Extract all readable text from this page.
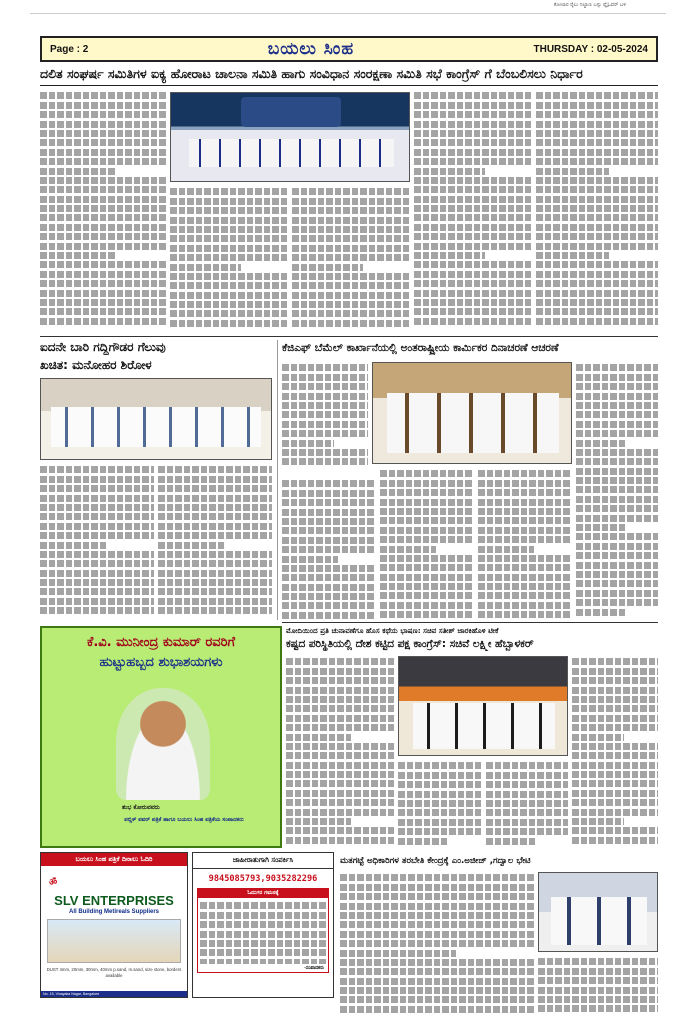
ಕೋಲಾರ ರೈಲು ನಿಲ್ದಾಣ ಬಸ್ಸು ಫ್ಲೈಓವರ್ ಬಳಿ
Page : 2	ಬಯಲು ಸಿಂಹ	THURSDAY : 02-05-2024
ದಲಿತ ಸಂಘರ್ಷ ಸಮಿತಿಗಳ ಐಕ್ಯ ಹೋರಾಟ ಚಾಲನಾ ಸಮಿತಿ ಹಾಗು ಸಂವಿಧಾನ ಸಂರಕ್ಷಣಾ ಸಮಿತಿ ಸಭೆ ಕಾಂಗ್ರೆಸ್ ಗೆ ಬೆಂಬಲಿಸಲು ನಿರ್ಧಾರ
ಐದನೇ ಬಾರಿ ಗದ್ದಿಗೌಡರ ಗೆಲುವು
ಖಚಿತ: ಮನೋಹರ ಶಿರೋಳ
ಕೆಜಿಎಫ್ ಬೆಮೆಲ್ ಕಾರ್ಖಾನೆಯಲ್ಲಿ ಅಂತರಾಷ್ಟ್ರೀಯ ಕಾರ್ಮಿಕರ ದಿನಾಚರಣೆ ಆಚರಣೆ
ಕೆ.ವಿ. ಮುನೀಂದ್ರ ಕುಮಾರ್ ರವರಿಗೆ
ಹುಟ್ಟುಹಬ್ಬದ ಶುಭಾಶಯಗಳು
ಶುಭ ಕೋರುವವರು
ಪಬ್ಲಿಕ್ ಪವರ್ ಪತ್ರಿಕೆ ಹಾಗೂ ಬಯಲು ಸಿಂಹ ಪತ್ರಿಕೆಯ ಸಂಪಾದಕರು
ಮೋದಿಯಿಂದ ಪ್ರತಿ ಚುನಾವಣೆಗೂ ಹೊಸ ಕಥೆಯ ಭಾಷಣ: ಸಚಿವ ಸತೀಶ್ ಜಾರಕಿಹೊಳಿ ಟೀಕೆ
ಕಷ್ಟದ ಪರಿಸ್ಥಿತಿಯಲ್ಲಿ ದೇಶ ಕಟ್ಟಿದ ಪಕ್ಷ ಕಾಂಗ್ರೆಸ್: ಸಚಿವೆ ಲಕ್ಷ್ಮೀ ಹೆಬ್ಬಾಳಕರ್
ಬಯಲು ಸಿಂಹ ಪತ್ರಿಕೆ ದಿನಾಲು ಓದಿರಿ
ॐ
SLV ENTERPRISES
All Building Metireals Suppliers
DUST 4mm, 20mm, 30mm, 40mm p.sand, m.sand, size stone, borders available
No. 15, Vinayaka Nagar, Bangalore
ಜಾಹೀರಾತುಗಾಗಿ ಸಂಪರ್ಕಿಸಿ
9845085793,9035282296
ಓದುಗರ ಗಮನಕ್ಕೆ
-ಸಂಪಾದಕರು
ಮತಗಟ್ಟೆ ಅಧಿಕಾರಿಗಳ ತರಬೇತಿ ಕೇಂದ್ರಕ್ಕೆ ಎಂ.ಅಜೀಜ್ ,ಗದ್ವಾಲ ಭೇಟಿ
